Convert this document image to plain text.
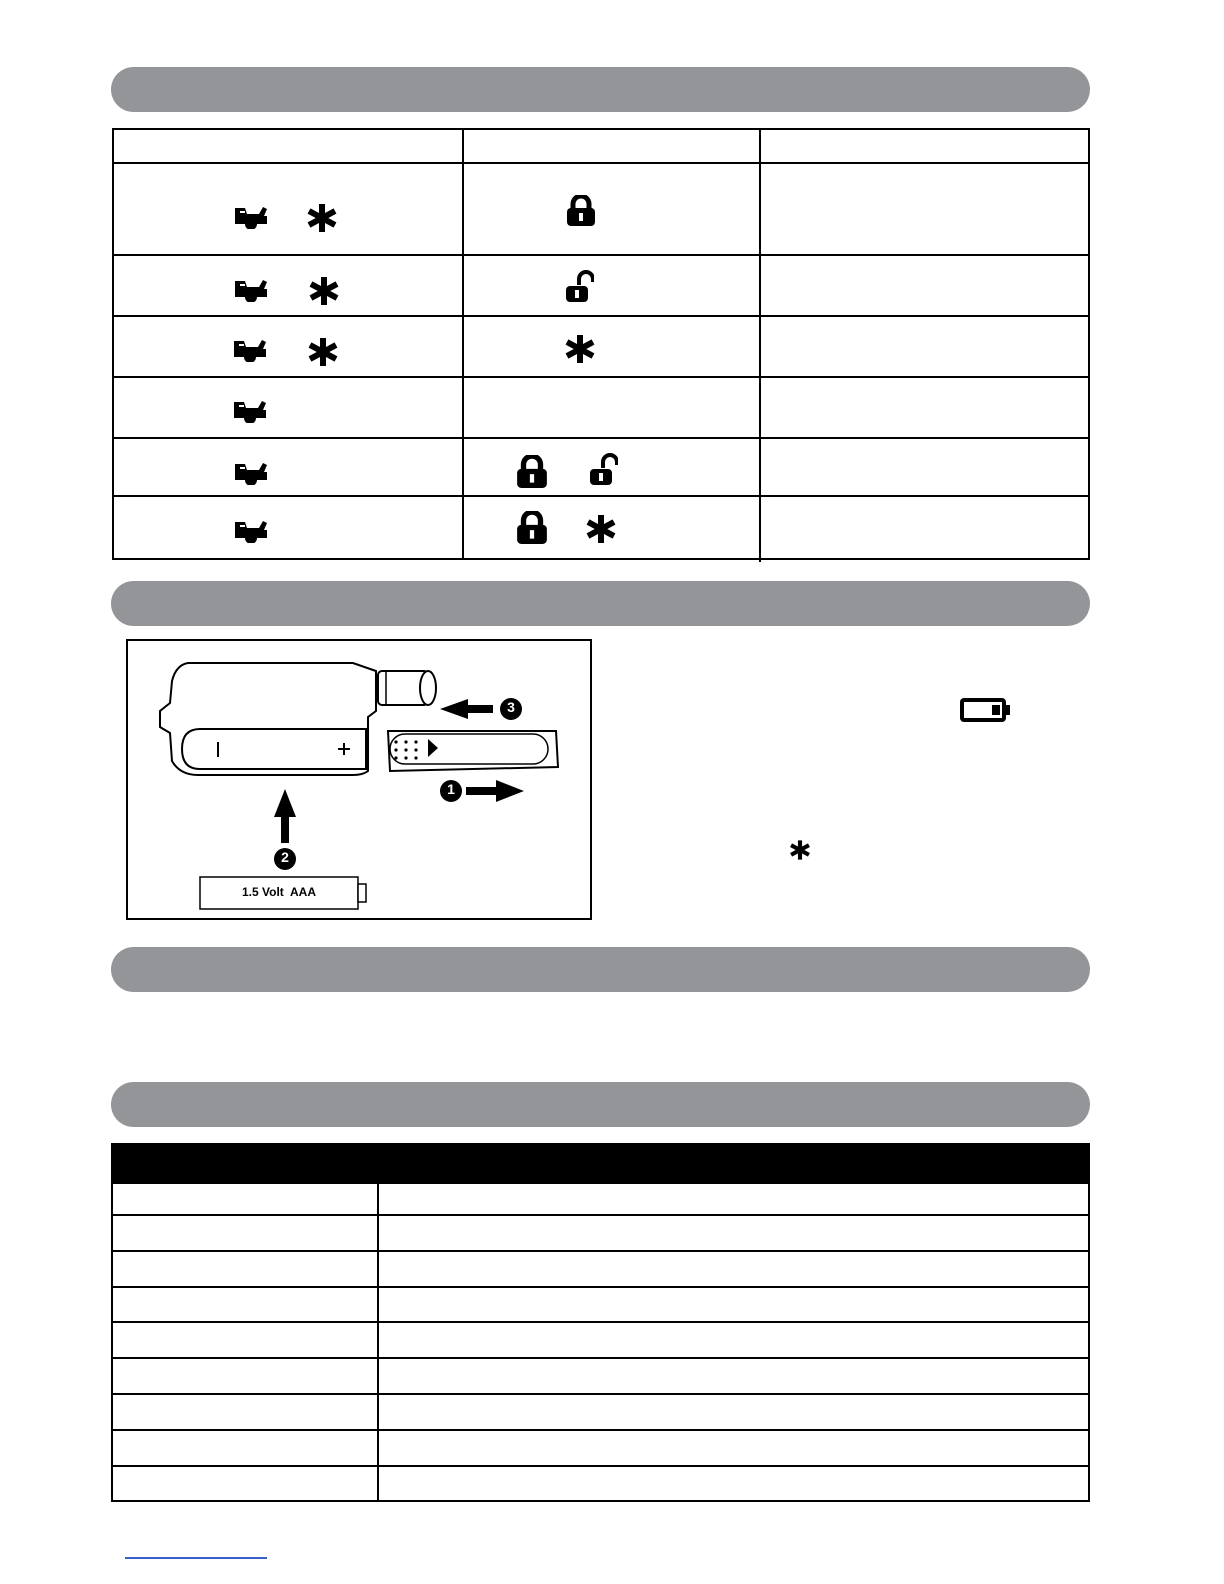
3
1
2
1.5 Volt  AAA
